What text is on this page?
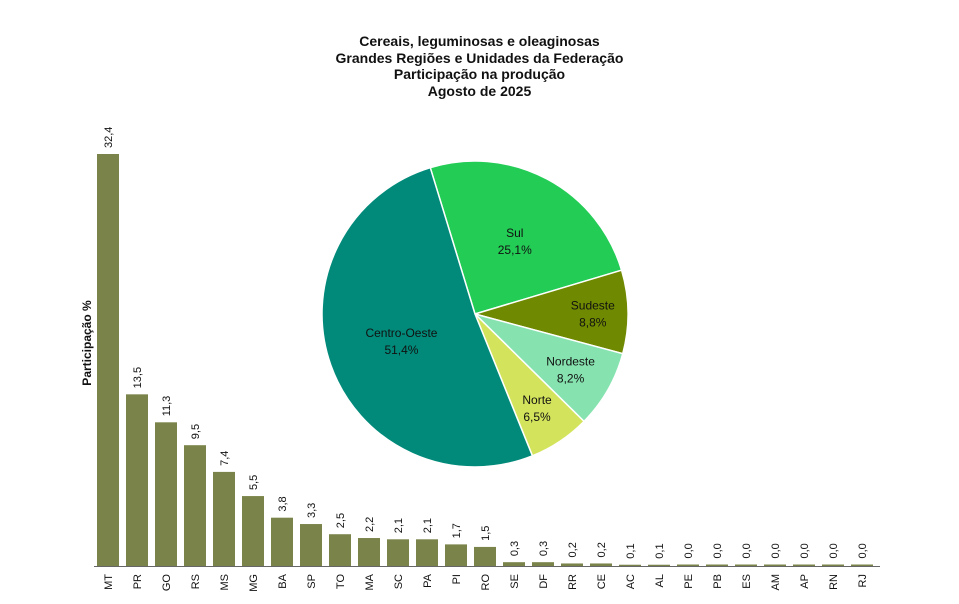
Cereais, leguminosas e oleaginosas
Grandes Regiões e Unidades da Federação
Participação na produção
Agosto de 2025
32,4
MT
13,5
PR
11,3
GO
9,5
RS
7,4
MS
5,5
MG
3,8
BA
3,3
SP
2,5
TO
2,2
MA
2,1
SC
2,1
PA
1,7
PI
1,5
RO
0,3
SE
0,3
DF
0,2
RR
0,2
CE
0,1
AC
0,1
AL
0,0
PE
0,0
PB
0,0
ES
0,0
AM
0,0
AP
0,0
RN
0,0
RJ
Sul 25,1%
Sudeste 8,8%
Nordeste 8,2%
Norte 6,5%
Centro-Oeste 51,4%
Participação %
